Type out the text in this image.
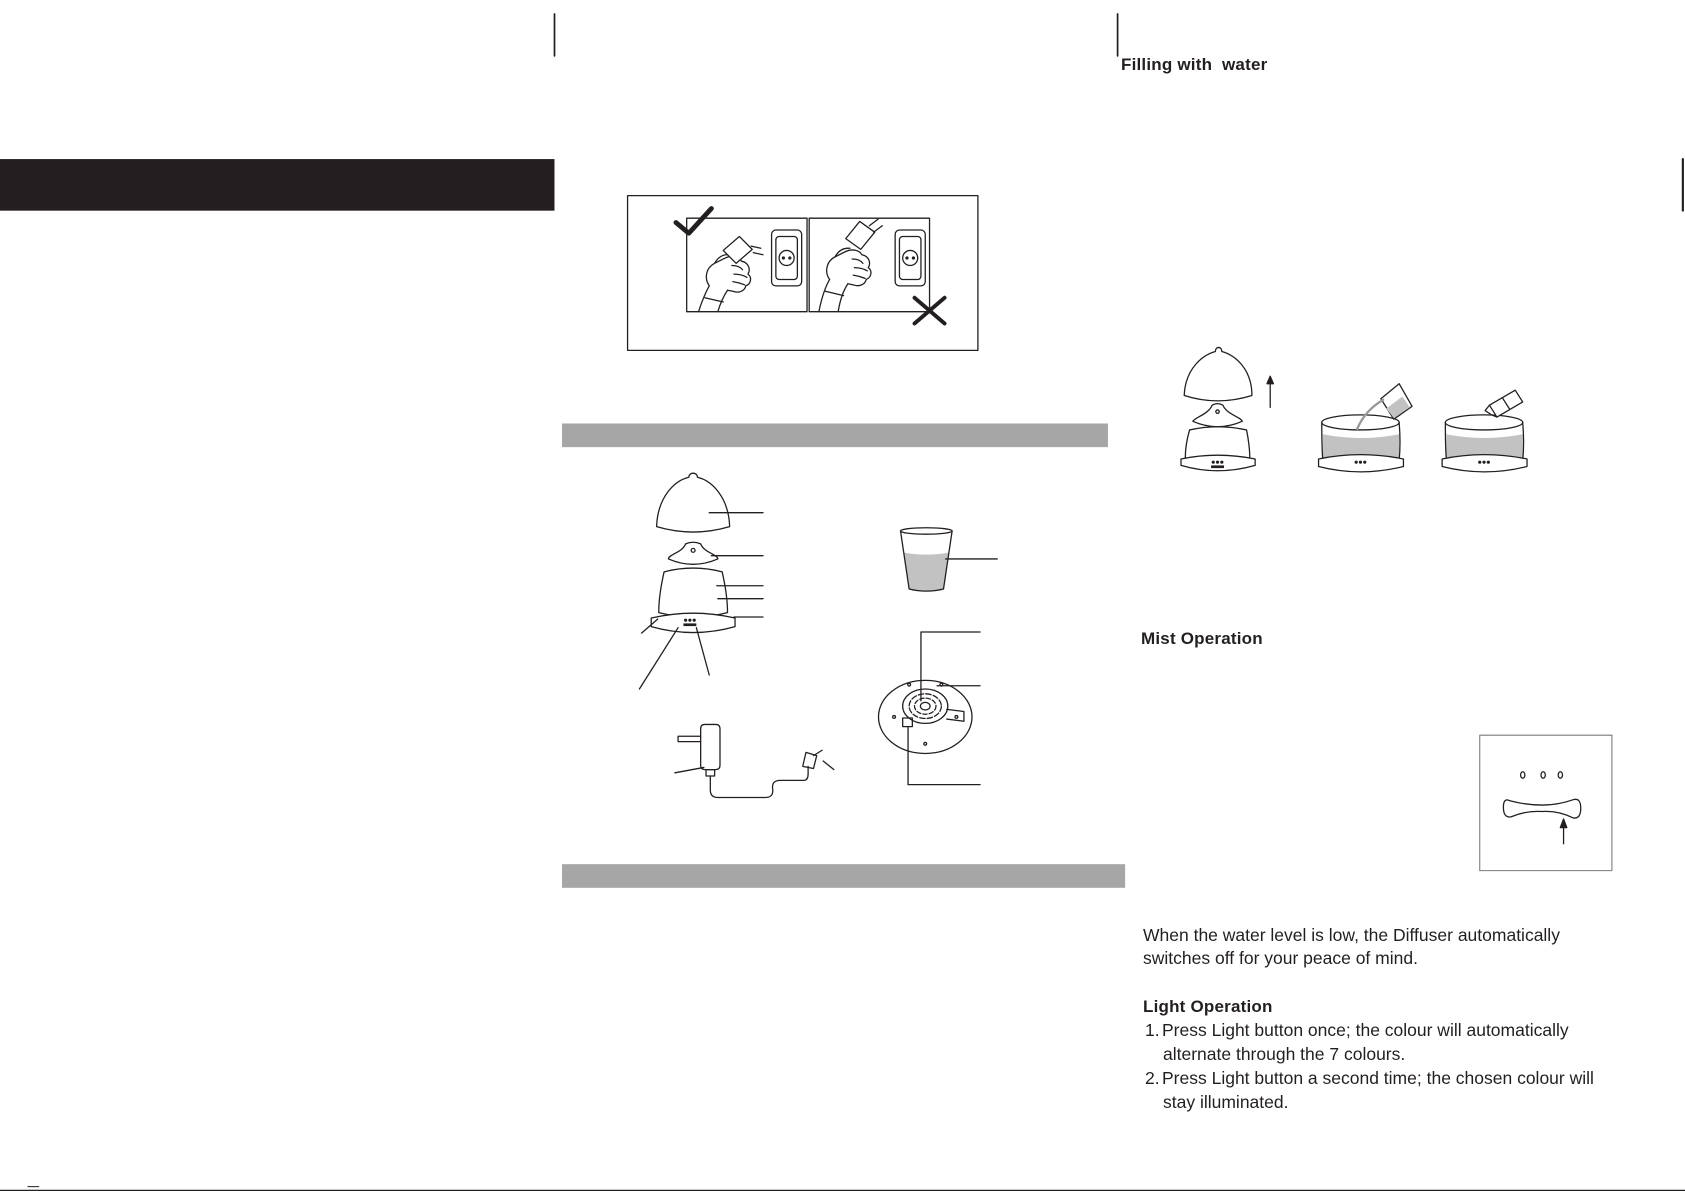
Filling with  water
Mist Operation
When the water level is low, the Diffuser automatically
switches off for your peace of mind.
Light Operation
1. Press Light button once; the colour will automatically
alternate through the 7 colours.
2. Press Light button a second time; the chosen colour will
stay illuminated.
